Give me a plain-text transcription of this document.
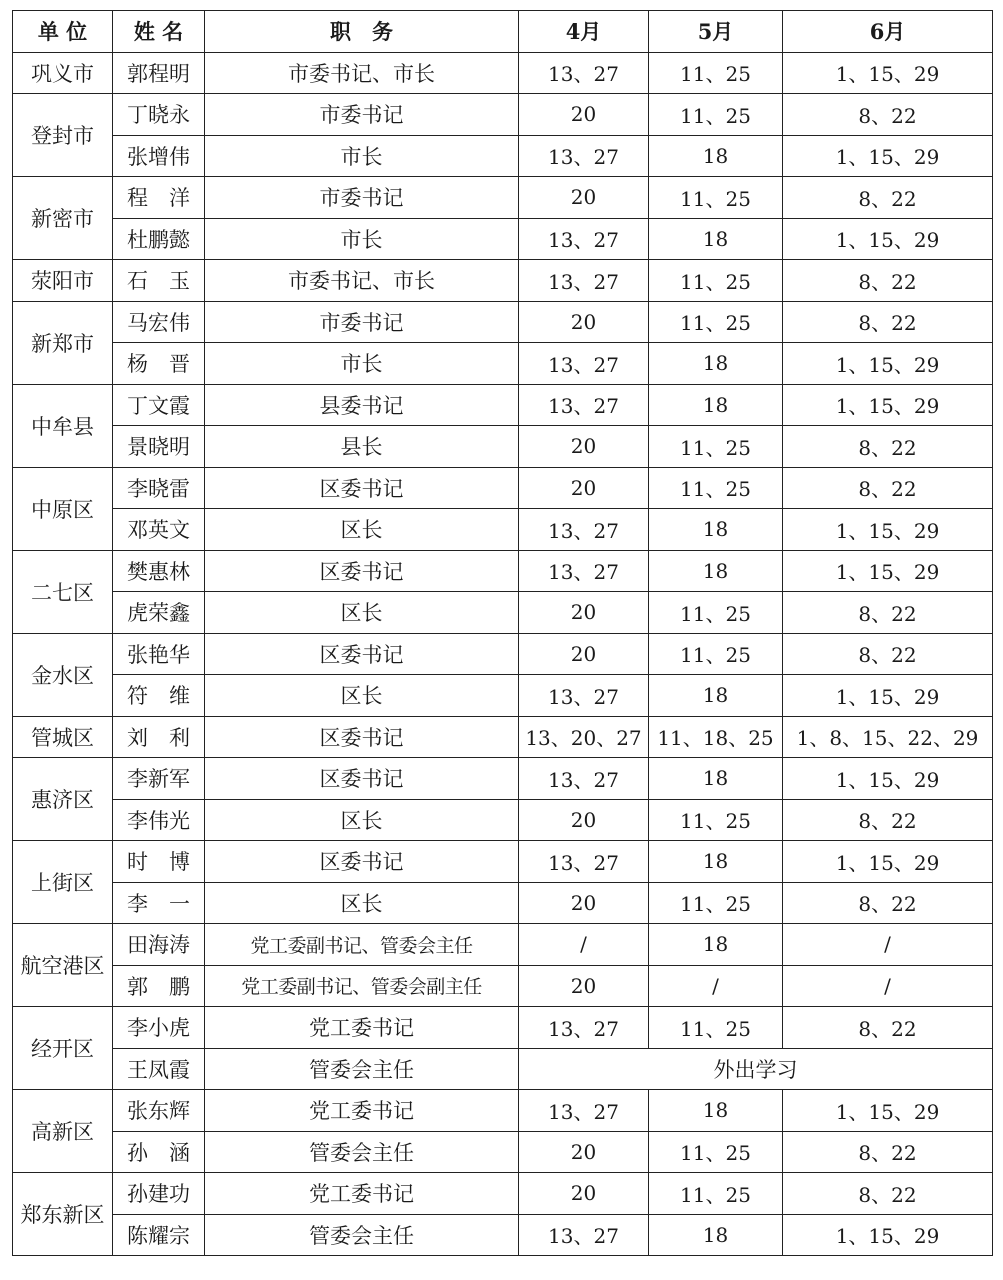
单 位	姓 名	职　务	4月	5月	6月
巩义市	郭程明	市委书记、市长	13、27	11、25	1、15、29
登封市	丁晓永	市委书记	20	11、25	8、22
	张增伟	市长	13、27	18	1、15、29
新密市	程　洋	市委书记	20	11、25	8、22
	杜鹏懿	市长	13、27	18	1、15、29
荥阳市	石　玉	市委书记、市长	13、27	11、25	8、22
新郑市	马宏伟	市委书记	20	11、25	8、22
	杨　晋	市长	13、27	18	1、15、29
中牟县	丁文霞	县委书记	13、27	18	1、15、29
	景晓明	县长	20	11、25	8、22
中原区	李晓雷	区委书记	20	11、25	8、22
	邓英文	区长	13、27	18	1、15、29
二七区	樊惠林	区委书记	13、27	18	1、15、29
	虎荣鑫	区长	20	11、25	8、22
金水区	张艳华	区委书记	20	11、25	8、22
	符　维	区长	13、27	18	1、15、29
管城区	刘　利	区委书记	13、20、27	11、18、25	1、8、15、22、29
惠济区	李新军	区委书记	13、27	18	1、15、29
	李伟光	区长	20	11、25	8、22
上街区	时　博	区委书记	13、27	18	1、15、29
	李　一	区长	20	11、25	8、22
航空港区	田海涛	党工委副书记、管委会主任	/	18	/
	郭　鹏	党工委副书记、管委会副主任	20	/	/
经开区	李小虎	党工委书记	13、27	11、25	8、22
	王凤霞	管委会主任	外出学习		
高新区	张东辉	党工委书记	13、27	18	1、15、29
	孙　涵	管委会主任	20	11、25	8、22
郑东新区	孙建功	党工委书记	20	11、25	8、22
	陈耀宗	管委会主任	13、27	18	1、15、29
